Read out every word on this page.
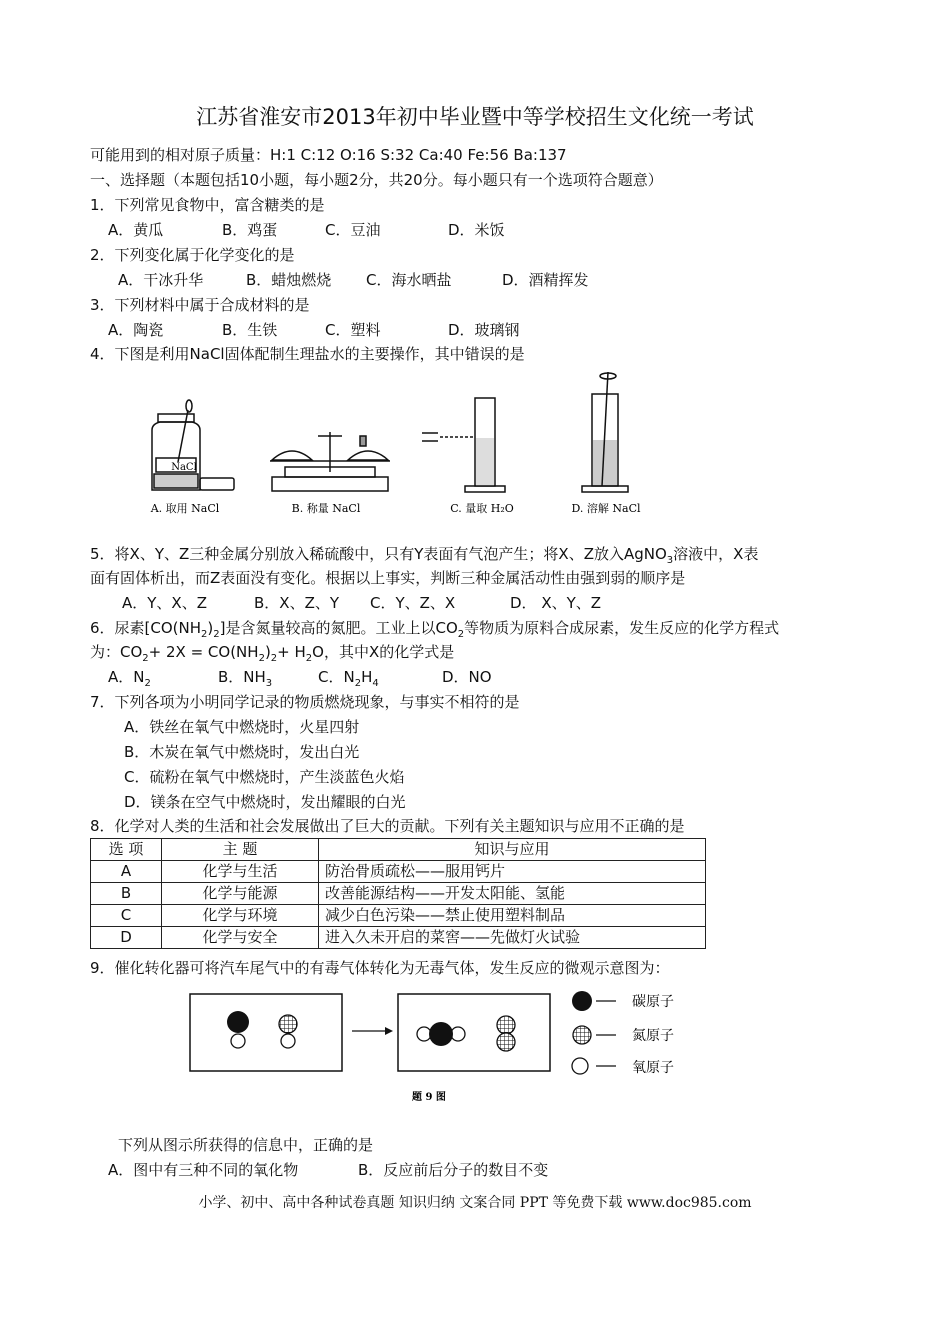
江苏省淮安市2013年初中毕业暨中等学校招生文化统一考试
可能用到的相对原子质量：H:1 C:12 O:16 S:32 Ca:40 Fe:56 Ba:137
一、选择题（本题包括10小题，每小题2分，共20分。每小题只有一个选项符合题意）
1．下列常见食物中，富含糖类的是
A．黄瓜	B．鸡蛋	C．豆油	D．米饭
2．下列变化属于化学变化的是
A．干冰升华	B．蜡烛燃烧 C．海水晒盐	D．酒精挥发
3．下列材料中属于合成材料的是
A．陶瓷	B．生铁	C．塑料	D．玻璃钢
4．下图是利用NaCl固体配制生理盐水的主要操作，其中错误的是
NaCl
A. 取用 NaCl	B. 称量 NaCl	C. 量取 H₂O	D. 溶解 NaCl
5．将X、Y、Z三种金属分别放入稀硫酸中，只有Y表面有气泡产生；将X、Z放入AgNO$_3$溶液中，X表
面有固体析出，而Z表面没有变化。根据以上事实，判断三种金属活动性由强到弱的顺序是
A．Y、X、Z	B．X、Z、Y C．Y、Z、X	D． X、Y、Z
6．尿素$[CO(NH_2)_2]$是含氮量较高的氮肥。工业上以$CO_2$等物质为原料合成尿素，发生反应的化学方程式
为：$CO_2+ 2X = CO(NH_2)_2+ H_2O$，其中X的化学式是
A．$N_2$	B．$NH_3$	C．$N_2H_4$	D．NO
7．下列各项为小明同学记录的物质燃烧现象，与事实不相符的是
A．铁丝在氧气中燃烧时，火星四射
B．木炭在氧气中燃烧时，发出白光
C．硫粉在氧气中燃烧时，产生淡蓝色火焰
D．镁条在空气中燃烧时，发出耀眼的白光
8．化学对人类的生活和社会发展做出了巨大的贡献。下列有关主题知识与应用不正确的是
选 项	主 题	知识与应用
A	化学与生活	防治骨质疏松——服用钙片
B	化学与能源	改善能源结构——开发太阳能、氢能
C	化学与环境	减少白色污染——禁止使用塑料制品
D	化学与安全	进入久未开启的菜窖——先做灯火试验
9．催化转化器可将汽车尾气中的有毒气体转化为无毒气体，发生反应的微观示意图为：
碳原子
氮原子
氧原子
题 9 图
下列从图示所获得的信息中，正确的是
A．图中有三种不同的氧化物	B．反应前后分子的数目不变
小学、初中、高中各种试卷真题 知识归纳 文案合同 PPT 等免费下载 www.doc985.com
